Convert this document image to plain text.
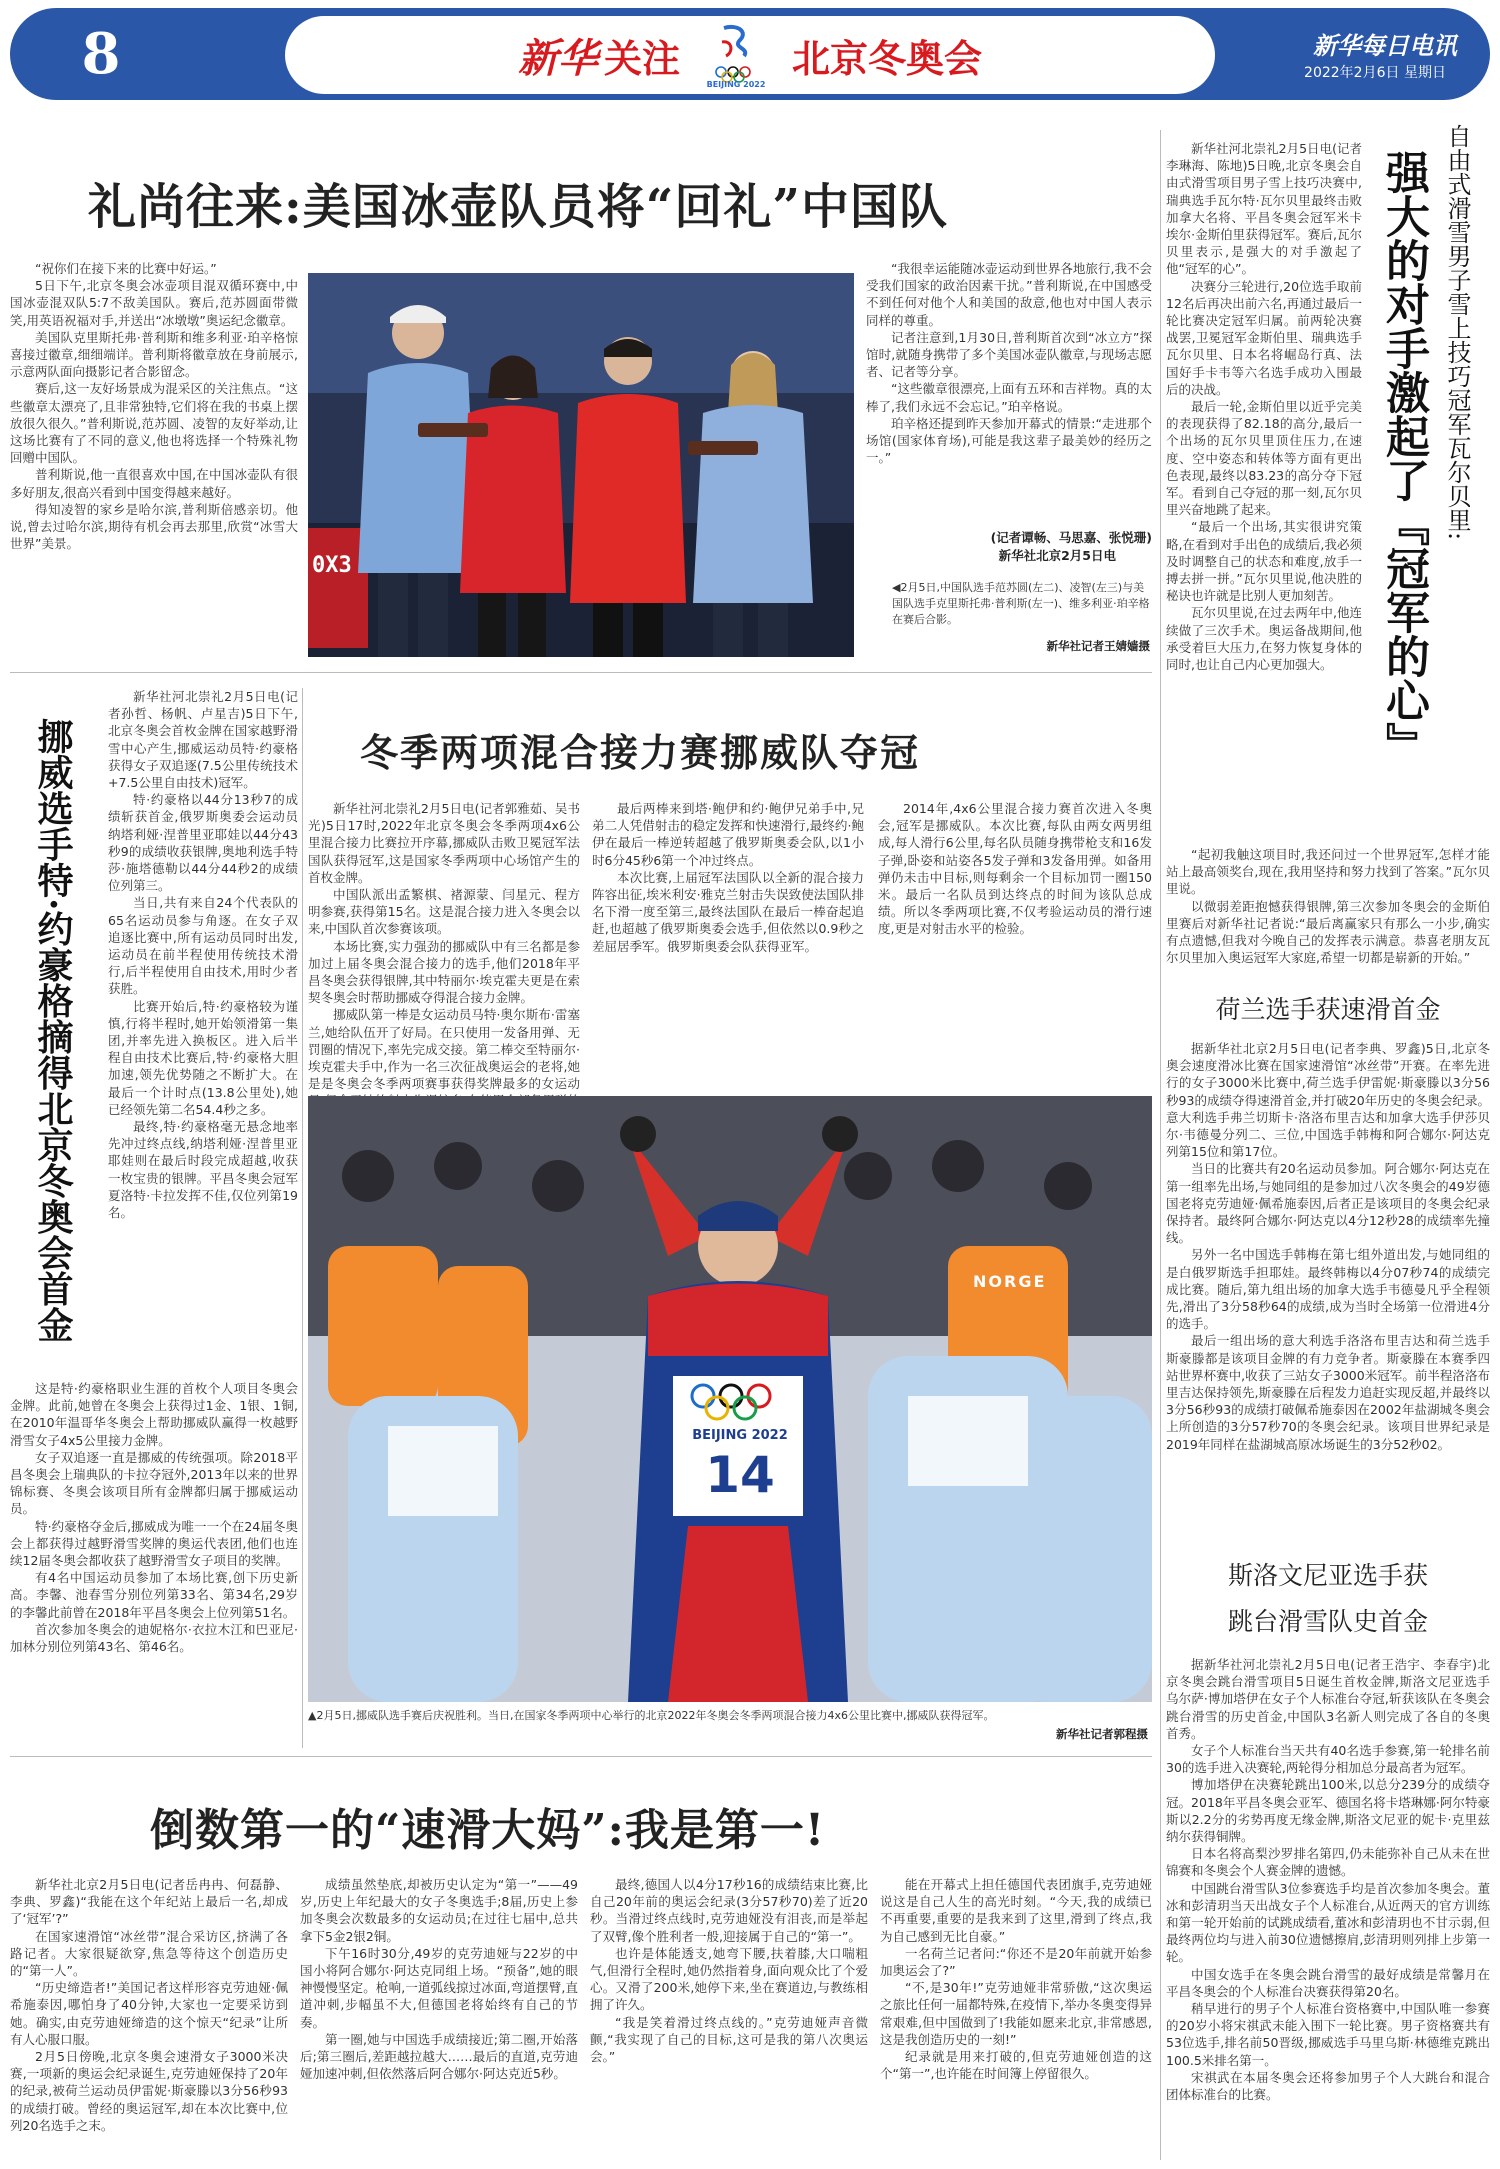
8	新华 关注
BEIJING 2022
北京冬奥会	新华每日电讯
2022年2月6日 星期日
礼尚往来:美国冰壶队员将“回礼”中国队

“祝你们在接下来的比赛中好运。”

5日下午,北京冬奥会冰壶项目混双循环赛中,中国冰壶混双队5:7不敌美国队。赛后,范苏圆面带微笑,用英语祝福对手,并送出“冰墩墩”奥运纪念徽章。

美国队克里斯托弗·普利斯和维多利亚·珀辛格惊喜接过徽章,细细端详。普利斯将徽章放在身前展示,示意两队面向摄影记者合影留念。

赛后,这一友好场景成为混采区的关注焦点。“这些徽章太漂亮了,且非常独特,它们将在我的书桌上摆放很久很久。”普利斯说,范苏圆、凌智的友好举动,让这场比赛有了不同的意义,他也将选择一个特殊礼物回赠中国队。

普利斯说,他一直很喜欢中国,在中国冰壶队有很多好朋友,很高兴看到中国变得越来越好。

得知凌智的家乡是哈尔滨,普利斯倍感亲切。他说,曾去过哈尔滨,期待有机会再去那里,欣赏“冰雪大世界”美景。

0X3

“我很幸运能随冰壶运动到世界各地旅行,我不会受我们国家的政治因素干扰。”普利斯说,在中国感受不到任何对他个人和美国的敌意,他也对中国人表示同样的尊重。

记者注意到,1月30日,普利斯首次到“冰立方”探馆时,就随身携带了多个美国冰壶队徽章,与现场志愿者、记者等分享。

“这些徽章很漂亮,上面有五环和吉祥物。真的太棒了,我们永远不会忘记。”珀辛格说。

珀辛格还提到昨天参加开幕式的情景:“走进那个场馆(国家体育场),可能是我这辈子最美妙的经历之一。”

(记者谭畅、马思嘉、张悦珊)
新华社北京2月5日电
◀2月5日,中国队选手范苏圆(左二)、凌智(左三)与美国队选手克里斯托弗·普利斯(左一)、维多利亚·珀辛格在赛后合影。
新华社记者王婧嫱摄
挪威选手特·约豪格摘得北京冬奥会首金

新华社河北崇礼2月5日电(记者孙哲、杨帆、卢星吉)5日下午,北京冬奥会首枚金牌在国家越野滑雪中心产生,挪威运动员特·约豪格获得女子双追逐(7.5公里传统技术+7.5公里自由技术)冠军。

特·约豪格以44分13秒7的成绩斩获首金,俄罗斯奥委会运动员纳塔利娅·涅普里亚耶娃以44分43秒9的成绩收获银牌,奥地利选手特莎·施塔德勒以44分44秒2的成绩位列第三。

当日,共有来自24个代表队的65名运动员参与角逐。在女子双追逐比赛中,所有运动员同时出发,运动员在前半程使用传统技术滑行,后半程使用自由技术,用时少者获胜。

比赛开始后,特·约豪格较为谨慎,行将半程时,她开始领滑第一集团,并率先进入换板区。进入后半程自由技术比赛后,特·约豪格大胆加速,领先优势随之不断扩大。在最后一个计时点(13.8公里处),她已经领先第二名54.4秒之多。

最终,特·约豪格毫无悬念地率先冲过终点线,纳塔利娅·涅普里亚耶娃则在最后时段完成超越,收获一枚宝贵的银牌。平昌冬奥会冠军夏洛特·卡拉发挥不佳,仅位列第19名。

这是特·约豪格职业生涯的首枚个人项目冬奥会金牌。此前,她曾在冬奥会上获得过1金、1银、1铜,在2010年温哥华冬奥会上帮助挪威队赢得一枚越野滑雪女子4x5公里接力金牌。

女子双追逐一直是挪威的传统强项。除2018平昌冬奥会上瑞典队的卡拉夺冠外,2013年以来的世界锦标赛、冬奥会该项目所有金牌都归属于挪威运动员。

特·约豪格夺金后,挪威成为唯一一个在24届冬奥会上都获得过越野滑雪奖牌的奥运代表团,他们也连续12届冬奥会都收获了越野滑雪女子项目的奖牌。

有4名中国运动员参加了本场比赛,创下历史新高。李馨、池春雪分别位列第33名、第34名,29岁的李馨此前曾在2018年平昌冬奥会上位列第51名。

首次参加冬奥会的迪妮格尔·衣拉木江和巴亚尼·加林分别位列第43名、第46名。

冬季两项混合接力赛挪威队夺冠

新华社河北崇礼2月5日电(记者郭雅茹、吴书光)5日17时,2022年北京冬奥会冬季两项4x6公里混合接力比赛拉开序幕,挪威队击败卫冕冠军法国队获得冠军,这是国家冬季两项中心场馆产生的首枚金牌。

中国队派出孟繁棋、褚源蒙、闫星元、程方明参赛,获得第15名。这是混合接力进入冬奥会以来,中国队首次参赛该项。

本场比赛,实力强劲的挪威队中有三名都是参加过上届冬奥会混合接力的选手,他们2018年平昌冬奥会获得银牌,其中特丽尔·埃克霍夫更是在索契冬奥会时帮助挪威夺得混合接力金牌。

挪威队第一棒是女运动员马特·奥尔斯布·雷塞兰,她给队伍开了好局。在只使用一发备用弹、无罚圈的情况下,率先完成交接。第二棒交至特丽尔·埃克霍夫手中,作为一名三次征战奥运会的老将,她是是冬奥会冬季两项赛事获得奖牌最多的女运动

最后两棒来到塔·鲍伊和约·鲍伊兄弟手中,兄弟二人凭借射击的稳定发挥和快速滑行,最终约·鲍伊在最后一棒逆转超越了俄罗斯奥委会队,以1小时6分45秒6第一个冲过终点。

本次比赛,上届冠军法国队以全新的混合接力阵容出征,埃米利安·雅克兰射击失误致使法国队排名下滑一度至第三,最终法国队在最后一棒奋起追赶,也超越了俄罗斯奥委会选手,但依然以0.9秒之差屈居季军。俄罗斯奥委会队获得亚军。

2014年,4x6公里混合接力赛首次进入冬奥会,冠军是挪威队。本次比赛,每队由两女两男组成,每人滑行6公里,每名队员随身携带枪支和16发子弹,卧姿和站姿各5发子弹和3发备用弹。如备用弹仍未击中目标,则每剩余一个目标加罚一圈150米。最后一名队员到达终点的时间为该队总成绩。所以冬季两项比赛,不仅考验运动员的滑行速度,更是对射击水平的检验。

BEIJING 2022
14
NORGE
▲2月5日,挪威队选手赛后庆祝胜利。当日,在国家冬季两项中心举行的北京2022年冬奥会冬季两项混合接力4x6公里比赛中,挪威队获得冠军。
新华社记者郭程摄
倒数第一的“速滑大妈”:我是第一!

新华社北京2月5日电(记者岳冉冉、何磊静、李典、罗鑫)“我能在这个年纪站上最后一名,却成了‘冠军’?”

在国家速滑馆“冰丝带”混合采访区,挤满了各路记者。大家很疑欲穿,焦急等待这个创造历史的“第一人”。

“历史缔造者!”美国记者这样形容克劳迪娅·佩希施泰因,哪怕身了40分钟,大家也一定要采访到她。确实,由克劳迪娅缔造的这个惊天“纪录”让所有人心服口服。

2月5日傍晚,北京冬奥会速滑女子3000米决赛,一项新的奥运会纪录诞生,克劳迪娅保持了20年的纪录,被荷兰运动员伊雷妮·斯豪滕以3分56秒93的成绩打破。曾经的奥运冠军,却在本次比赛中,位列20名选手之末。

成绩虽然垫底,却被历史认定为“第一”——49岁,历史上年纪最大的女子冬奥选手;8届,历史上参加冬奥会次数最多的女运动员;在过往七届中,总共拿下5金2银2铜。

下午16时30分,49岁的克劳迪娅与22岁的中国小将阿合娜尔·阿达克同组上场。“预备”,她的眼神慢慢坚定。枪响,一道弧线掠过冰面,弯道摆臂,直道冲刺,步幅虽不大,但德国老将始终有自己的节奏。

第一圈,她与中国选手成绩接近;第二圈,开始落后;第三圈后,差距越拉越大……最后的直道,克劳迪娅加速冲刺,但依然落后阿合娜尔·阿达克近5秒。

最终,德国人以4分17秒16的成绩结束比赛,比自己20年前的奥运会纪录(3分57秒70)差了近20秒。当滑过终点线时,克劳迪娅没有泪丧,而是举起了双臂,像个胜利者一般,迎接属于自己的“第一”。

也许是体能透支,她弯下腰,扶着膝,大口喘粗气,但滑行全程时,她仍然指着身,面向观众比了个爱心。又滑了200米,她停下来,坐在赛道边,与教练相拥了许久。

“我是笑着滑过终点线的。”克劳迪娅声音微颤,“我实现了自己的目标,这可是我的第八次奥运会。”

能在开幕式上担任德国代表团旗手,克劳迪娅说这是自己人生的高光时刻。“今天,我的成绩已不再重要,重要的是我来到了这里,滑到了终点,我为自己感到无比自豪。”

一名荷兰记者问:“你还不是20年前就开始参加奥运会了?”

“不,是30年!”克劳迪娅非常骄傲,“这次奥运之旅比任何一届都特殊,在疫情下,举办冬奥变得异常艰难,但中国做到了!我能如愿来北京,非常感恩,这是我创造历史的一刻!”

纪录就是用来打破的,但克劳迪娅创造的这个“第一”,也许能在时间簿上停留很久。

自由式滑雪男子雪上技巧冠军瓦尔贝里:
强大的对手激起了『冠军的心』

新华社河北崇礼2月5日电(记者李琳海、陈地)5日晚,北京冬奥会自由式滑雪项目男子雪上技巧决赛中,瑞典选手瓦尔特·瓦尔贝里最终击败加拿大名将、平昌冬奥会冠军米卡埃尔·金斯伯里获得冠军。赛后,瓦尔贝里表示,是强大的对手激起了他“冠军的心”。

决赛分三轮进行,20位选手取前12名后再决出前六名,再通过最后一轮比赛决定冠军归属。前两轮决赛战罢,卫冕冠军金斯伯里、瑞典选手瓦尔贝里、日本名将崛岛行真、法国好手卡韦等六名选手成功入围最后的决战。

最后一轮,金斯伯里以近乎完美的表现获得了82.18的高分,最后一个出场的瓦尔贝里顶住压力,在速度、空中姿态和转体等方面有更出色表现,最终以83.23的高分夺下冠军。看到自己夺冠的那一刻,瓦尔贝里兴奋地跳了起来。

“最后一个出场,其实很讲究策略,在看到对手出色的成绩后,我必须及时调整自己的状态和难度,放手一搏去拼一拼。”瓦尔贝里说,他决胜的秘诀也许就是比别人更加刻苦。

瓦尔贝里说,在过去两年中,他连续做了三次手术。奥运备战期间,他承受着巨大压力,在努力恢复身体的同时,也让自己内心更加强大。

“起初我触这项目时,我还问过一个世界冠军,怎样才能站上最高领奖台,现在,我用坚持和努力找到了答案。”瓦尔贝里说。

以微弱差距抱憾获得银牌,第三次参加冬奥会的金斯伯里赛后对新华社记者说:“最后离赢家只有那么一小步,确实有点遗憾,但我对今晚自己的发挥表示满意。恭喜老朋友瓦尔贝里加入奥运冠军大家庭,希望一切都是崭新的开始。”

荷兰选手获速滑首金

据新华社北京2月5日电(记者李典、罗鑫)5日,北京冬奥会速度滑冰比赛在国家速滑馆“冰丝带”开赛。在率先进行的女子3000米比赛中,荷兰选手伊雷妮·斯豪滕以3分56秒93的成绩夺得速滑首金,并打破20年历史的冬奥会纪录。意大利选手弗兰切斯卡·洛洛布里吉达和加拿大选手伊莎贝尔·韦德曼分列二、三位,中国选手韩梅和阿合娜尔·阿达克列第15位和第17位。

当日的比赛共有20名运动员参加。阿合娜尔·阿达克在第一组率先出场,与她同组的是参加过八次冬奥会的49岁德国老将克劳迪娅·佩希施泰因,后者正是该项目的冬奥会纪录保持者。最终阿合娜尔·阿达克以4分12秒28的成绩率先撞线。

另外一名中国选手韩梅在第七组外道出发,与她同组的是白俄罗斯选手担耶娃。最终韩梅以4分07秒74的成绩完成比赛。随后,第九组出场的加拿大选手韦德曼凡乎全程领先,滑出了3分58秒64的成绩,成为当时全场第一位滑进4分的选手。

最后一组出场的意大利选手洛洛布里吉达和荷兰选手斯豪滕都是该项目金牌的有力竞争者。斯豪滕在本赛季四站世界杯赛中,收获了三站女子3000米冠军。前半程洛洛布里吉达保持领先,斯豪滕在后程发力追赶实现反超,并最终以3分56秒93的成绩打破佩希施泰因在2002年盐湖城冬奥会上所创造的3分57秒70的冬奥会纪录。该项目世界纪录是2019年同样在盐湖城高原冰场诞生的3分52秒02。

斯洛文尼亚选手获
跳台滑雪队史首金

据新华社河北崇礼2月5日电(记者王浩宇、李春宇)北京冬奥会跳台滑雪项目5日诞生首枚金牌,斯洛文尼亚选手乌尔萨·博加塔伊在女子个人标准台夺冠,斩获该队在冬奥会跳台滑雪的历史首金,中国队3名新人则完成了各自的冬奥首秀。

女子个人标准台当天共有40名选手参赛,第一轮排名前30的选手进入决赛轮,两轮得分相加总分最高者为冠军。

博加塔伊在决赛轮跳出100米,以总分239分的成绩夺冠。2018年平昌冬奥会亚军、德国名将卡塔琳娜·阿尔特豪斯以2.2分的劣势再度无缘金牌,斯洛文尼亚的妮卡·克里兹纳尔获得铜牌。

日本名将高梨沙罗排名第四,仍未能弥补自己从未在世锦赛和冬奥会个人赛金牌的遗憾。

中国跳台滑雪队3位参赛选手均是首次参加冬奥会。董冰和彭清玥当天出战女子个人标准台,从近两天的官方训练和第一轮开始前的试跳成绩看,董冰和彭清玥也不甘示弱,但最终两位均与进入前30位遗憾擦肩,彭清玥则列排上步第一轮。

中国女选手在冬奥会跳台滑雪的最好成绩是常馨月在平昌冬奥会的个人标准台决赛获得第20名。

稍早进行的男子个人标准台资格赛中,中国队唯一参赛的20岁小将宋祺武未能入围下一轮比赛。男子资格赛共有53位选手,排名前50晋级,挪威选手马里乌斯·林德维克跳出100.5米排名第一。

宋祺武在本届冬奥会还将参加男子个人大跳台和混合团体标准台的比赛。
